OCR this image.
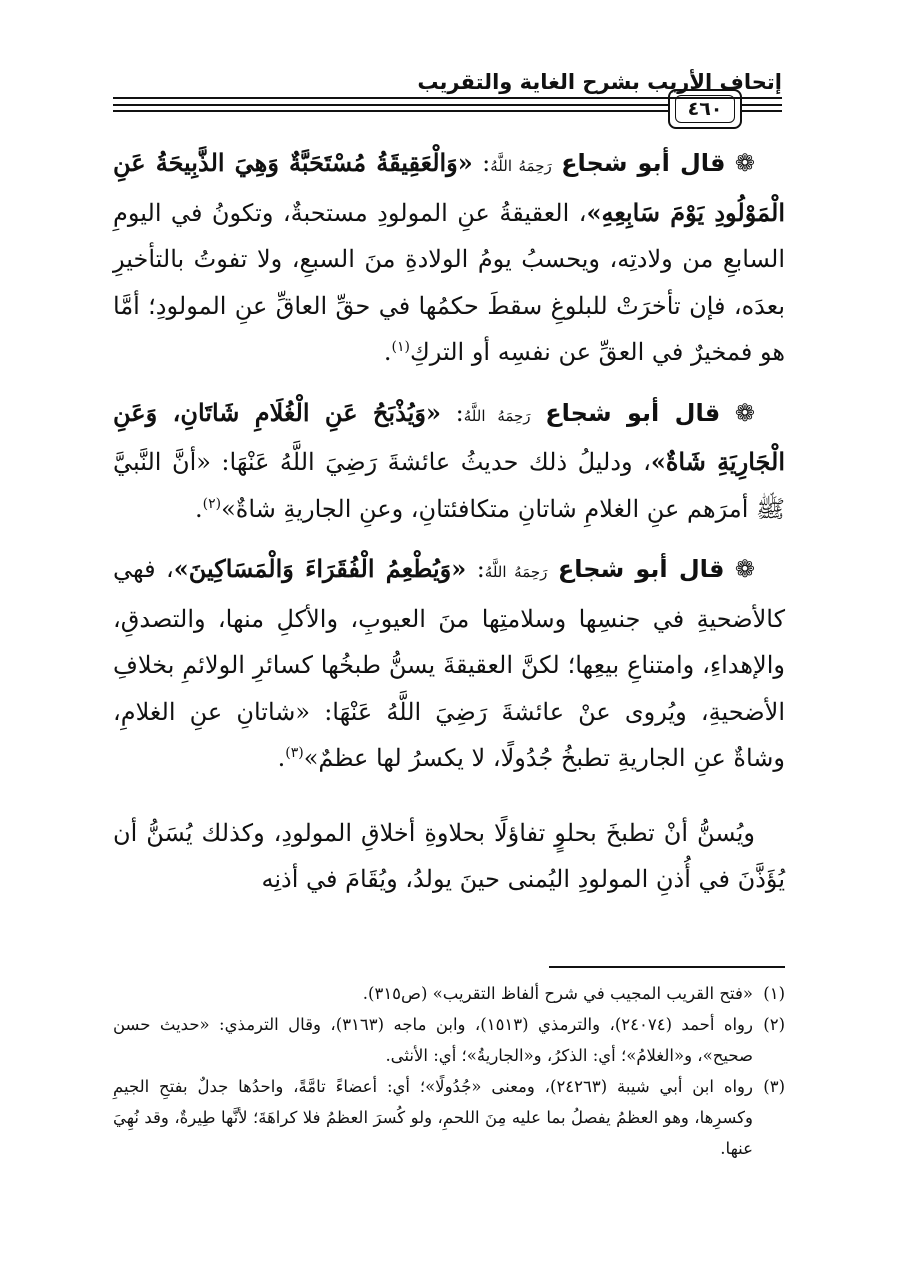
إتحاف الأريب بشرح الغاية والتقريب
٤٦٠

❁ قال أبو شجاع رَحِمَهُ اللَّهُ: «وَالْعَقِيقَةُ مُسْتَحَبَّةٌ وَهِيَ الذَّبِيحَةُ عَنِ الْمَوْلُودِ يَوْمَ سَابِعِهِ»، العقيقةُ عنِ المولودِ مستحبةٌ، وتكونُ في اليومِ السابعِ من ولادتِه، ويحسبُ يومُ الولادةِ منَ السبعِ، ولا تفوتُ بالتأخيرِ بعدَه، فإن تأخرَتْ للبلوغِ سقطَ حكمُها في حقِّ العاقِّ عنِ المولودِ؛ أمَّا هو فمخيرٌ في العقِّ عن نفسِه أو التركِ$^{(١)}$.

❁ قال أبو شجاع رَحِمَهُ اللَّهُ: «وَيُذْبَحُ عَنِ الْغُلَامِ شَاتَانِ، وَعَنِ الْجَارِيَةِ شَاةٌ»، ودليلُ ذلك حديثُ عائشةَ رَضِيَ اللَّهُ عَنْهَا: «أنَّ النَّبيَّ ﷺ أمرَهم عنِ الغلامِ شاتانِ متكافئتانِ، وعنِ الجاريةِ شاةٌ»$^{(٢)}$.

❁ قال أبو شجاع رَحِمَهُ اللَّهُ: «وَيُطْعِمُ الْفُقَرَاءَ وَالْمَسَاكِينَ»، فهي كالأضحيةِ في جنسِها وسلامتِها منَ العيوبِ، والأكلِ منها، والتصدقِ، والإهداءِ، وامتناعِ بيعِها؛ لكنَّ العقيقةَ يسنُّ طبخُها كسائرِ الولائمِ بخلافِ الأضحيةِ، ويُروى عنْ عائشةَ رَضِيَ اللَّهُ عَنْهَا: «شاتانِ عنِ الغلامِ، وشاةٌ عنِ الجاريةِ تطبخُ جُدُولًا، لا يكسرُ لها عظمٌ»$^{(٣)}$.

ويُسنُّ أنْ تطبخَ بحلوٍ تفاؤلًا بحلاوةِ أخلاقِ المولودِ، وكذلك يُسَنُّ أن يُؤَذَّنَ في أُذنِ المولودِ اليُمنى حينَ يولدُ، ويُقَامَ في أذنِه

(١)
«فتح القريب المجيب في شرح ألفاظ التقريب» (ص٣١٥).

(٢)
رواه أحمد (٢٤٠٧٤)، والترمذي (١٥١٣)، وابن ماجه (٣١٦٣)، وقال الترمذي: «حديث حسن صحيح»، و«الغلامُ»؛ أي: الذكرُ، و«الجاريةُ»؛ أي: الأنثى.

(٣)
رواه ابن أبي شيبة (٢٤٢٦٣)، ومعنى «جُدُولًا»؛ أي: أعضاءً تامَّةً، واحدُها جدلٌ بفتحِ الجيمِ وكسرِها، وهو العظمُ يفصلُ بما عليه مِنَ اللحمِ، ولو كُسرَ العظمُ فلا كراهَةَ؛ لأنَّها طِيرةٌ، وقد نُهِيَ عنها.
